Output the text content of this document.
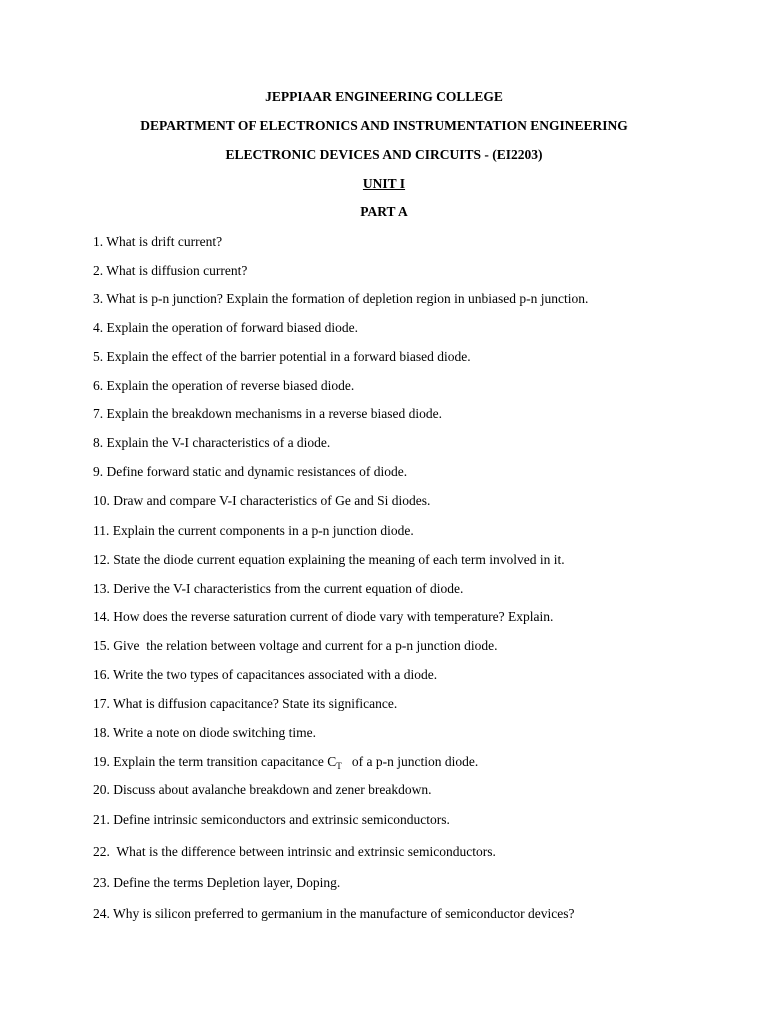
JEPPIAAR ENGINEERING COLLEGE
DEPARTMENT OF ELECTRONICS AND INSTRUMENTATION ENGINEERING
ELECTRONIC DEVICES AND CIRCUITS - (EI2203)
UNIT I
PART A
1. What is drift current?
2. What is diffusion current?
3. What is p-n junction? Explain the formation of depletion region in unbiased p-n junction.
4. Explain the operation of forward biased diode.
5. Explain the effect of the barrier potential in a forward biased diode.
6. Explain the operation of reverse biased diode.
7. Explain the breakdown mechanisms in a reverse biased diode.
8. Explain the V-I characteristics of a diode.
9. Define forward static and dynamic resistances of diode.
10. Draw and compare V-I characteristics of Ge and Si diodes.
11. Explain the current components in a p-n junction diode.
12. State the diode current equation explaining the meaning of each term involved in it.
13. Derive the V-I characteristics from the current equation of diode.
14. How does the reverse saturation current of diode vary with temperature? Explain.
15. Give  the relation between voltage and current for a p-n junction diode.
16. Write the two types of capacitances associated with a diode.
17. What is diffusion capacitance? State its significance.
18. Write a note on diode switching time.
19. Explain the term transition capacitance $C_T$ of a p-n junction diode.
20. Discuss about avalanche breakdown and zener breakdown.
21. Define intrinsic semiconductors and extrinsic semiconductors.
22.  What is the difference between intrinsic and extrinsic semiconductors.
23. Define the terms Depletion layer, Doping.
24. Why is silicon preferred to germanium in the manufacture of semiconductor devices?
